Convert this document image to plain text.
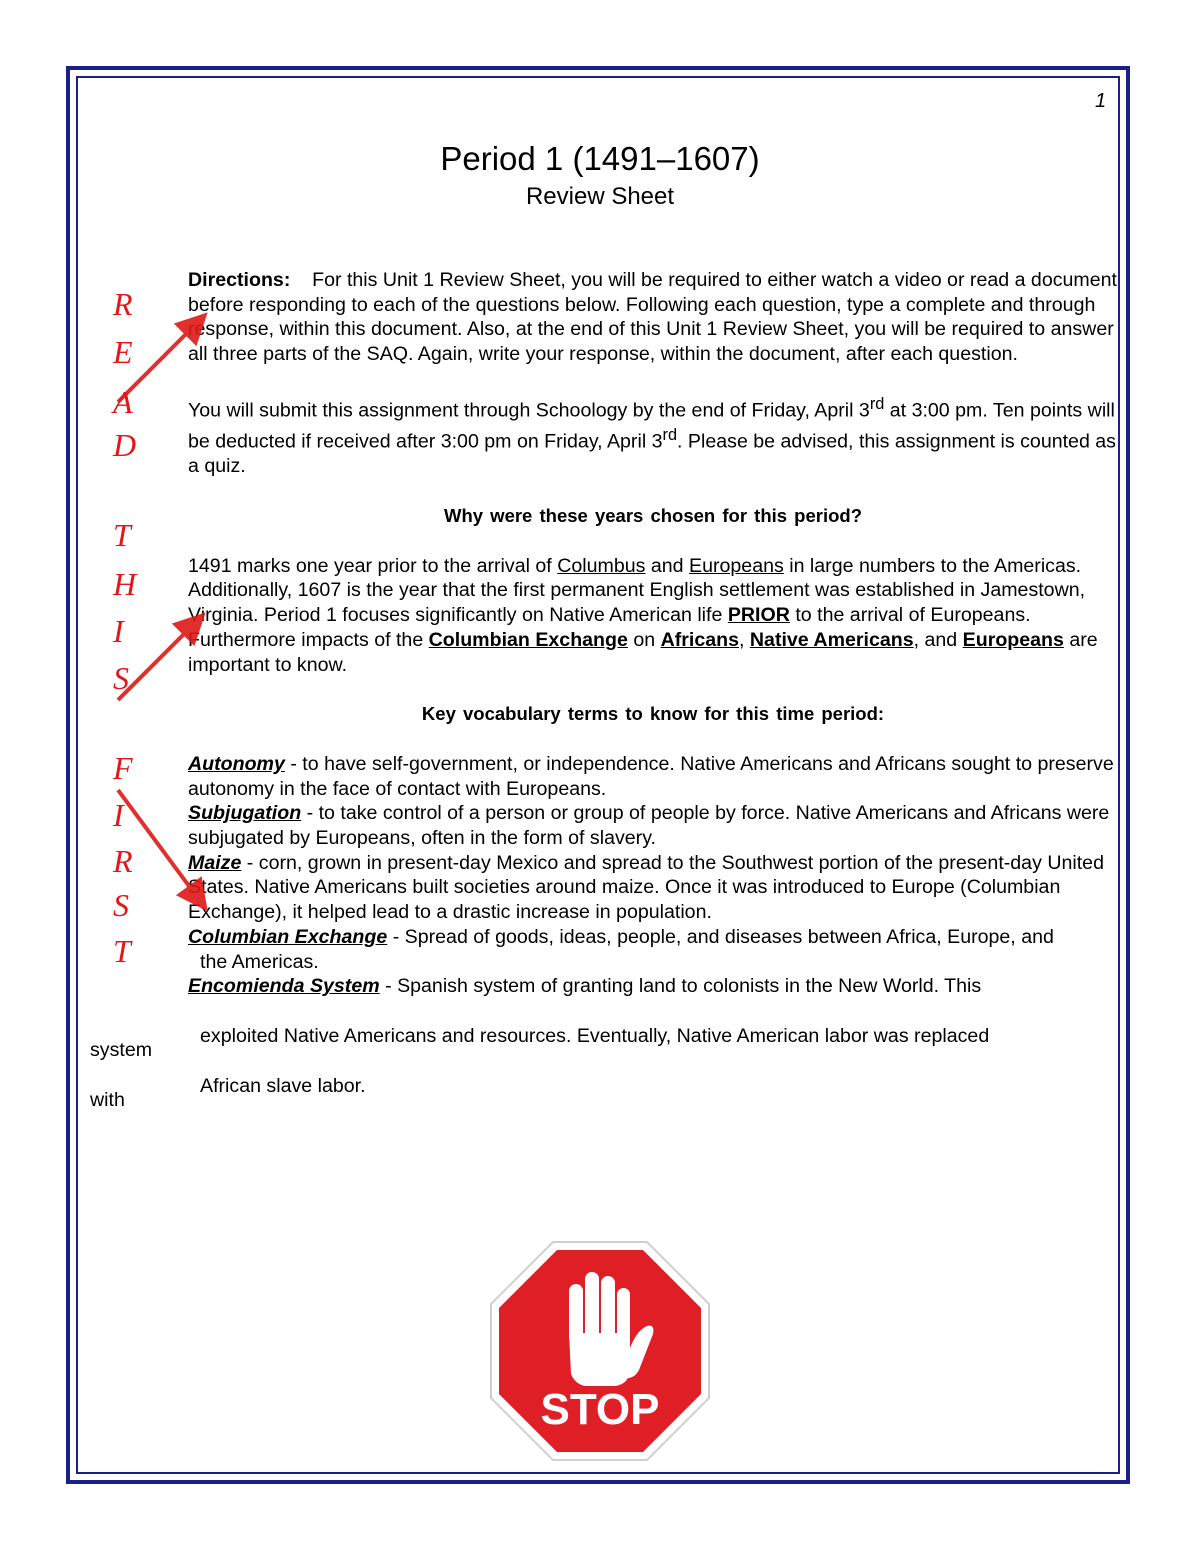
1
Period 1 (1491–1607)
Review Sheet

Directions: For this Unit 1 Review Sheet, you will be required to either watch a video or read a document before responding to each of the questions below. Following each question, type a complete and through response, within this document. Also, at the end of this Unit 1 Review Sheet, you will be required to answer all three parts of the SAQ. Again, write your response, within the document, after each question.

You will submit this assignment through Schoology by the end of Friday, April 3rd at 3:00 pm. Ten points will be deducted if received after 3:00 pm on Friday, April 3rd. Please be advised, this assignment is counted as a quiz.

Why were these years chosen for this period?

1491 marks one year prior to the arrival of Columbus and Europeans in large numbers to the Americas. Additionally, 1607 is the year that the first permanent English settlement was established in Jamestown, Virginia. Period 1 focuses significantly on Native American life PRIOR to the arrival of Europeans. Furthermore impacts of the Columbian Exchange on Africans, Native Americans, and Europeans are important to know.

Key vocabulary terms to know for this time period:

Autonomy - to have self-government, or independence. Native Americans and Africans sought to preserve autonomy in the face of contact with Europeans.

Subjugation - to take control of a person or group of people by force. Native Americans and Africans were subjugated by Europeans, often in the form of slavery.

Maize - corn, grown in present-day Mexico and spread to the Southwest portion of the present-day United States. Native Americans built societies around maize. Once it was introduced to Europe (Columbian Exchange), it helped lead to a drastic increase in population.

Columbian Exchange - Spread of goods, ideas, people, and diseases between Africa, Europe, and

the Americas.

Encomienda System - Spanish system of granting land to colonists in the New World. This

exploited Native Americans and resources. Eventually, Native American labor was replaced

African slave labor.

system
with
R
E
A
D
T
H
I
S
F
I
R
S
T
STOP
